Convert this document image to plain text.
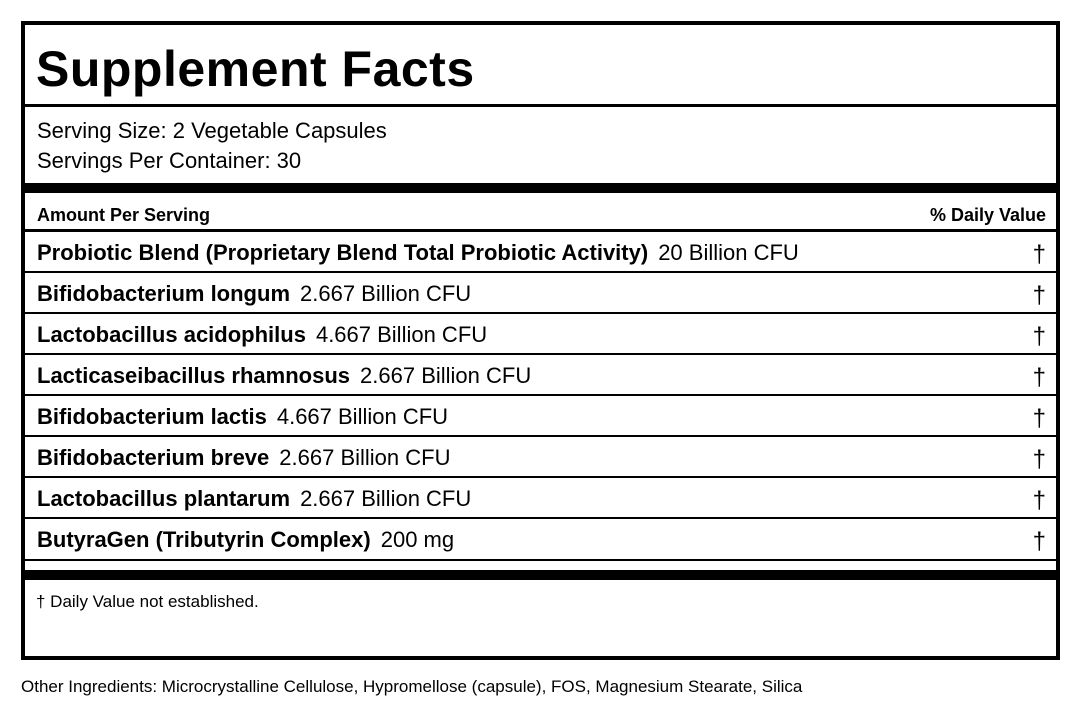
Supplement Facts
Serving Size: 2 Vegetable Capsules
Servings Per Container: 30
Amount Per Serving	% Daily Value
Probiotic Blend (Proprietary Blend Total Probiotic Activity) 20 Billion CFU	†
Bifidobacterium longum 2.667 Billion CFU	†
Lactobacillus acidophilus 4.667 Billion CFU	†
Lacticaseibacillus rhamnosus 2.667 Billion CFU	†
Bifidobacterium lactis 4.667 Billion CFU	†
Bifidobacterium breve 2.667 Billion CFU	†
Lactobacillus plantarum 2.667 Billion CFU	†
ButyraGen (Tributyrin Complex) 200 mg	†
† Daily Value not established.
Other Ingredients: Microcrystalline Cellulose, Hypromellose (capsule), FOS, Magnesium Stearate, Silica
